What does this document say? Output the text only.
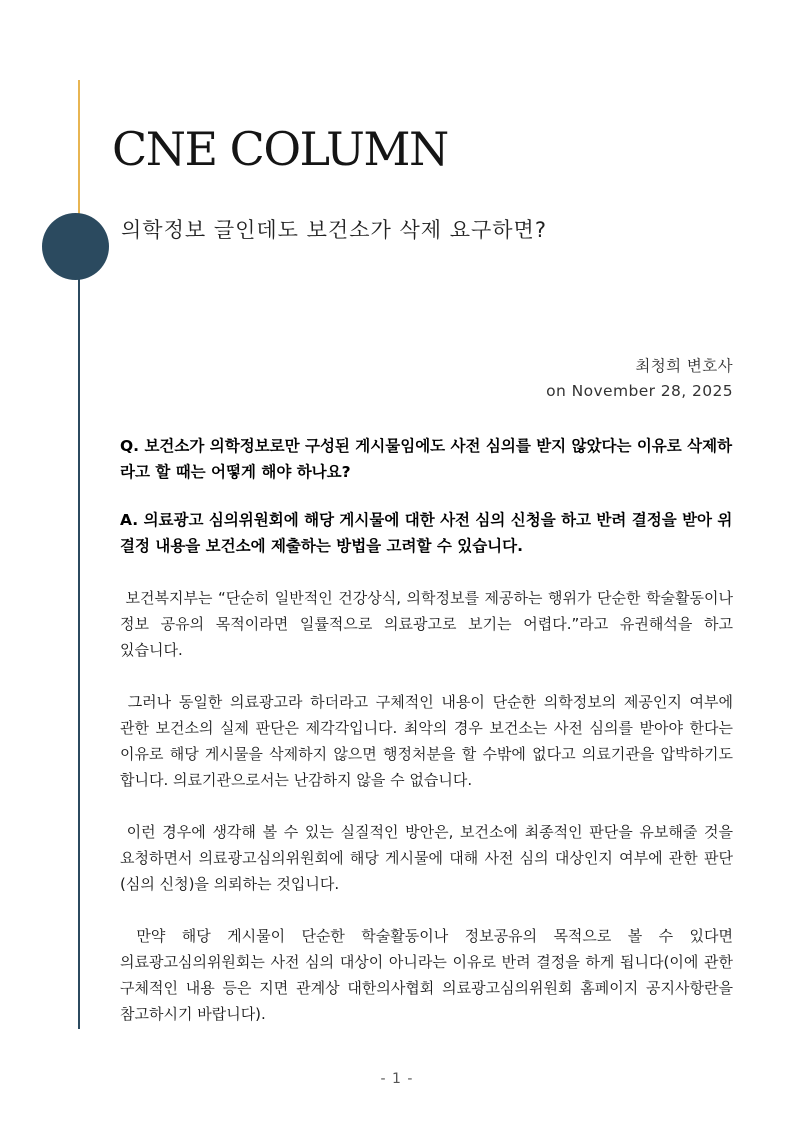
CNE COLUMN
의학정보 글인데도 보건소가 삭제 요구하면?
최청희 변호사
on November 28, 2025

Q. 보건소가 의학정보로만 구성된 게시물임에도 사전 심의를 받지 않았다는 이유로 삭제하라고 할 때는 어떻게 해야 하나요?

A. 의료광고 심의위원회에 해당 게시물에 대한 사전 심의 신청을 하고 반려 결정을 받아 위 결정 내용을 보건소에 제출하는 방법을 고려할 수 있습니다.

보건복지부는 “단순히 일반적인 건강상식, 의학정보를 제공하는 행위가 단순한 학술활동이나 정보 공유의 목적이라면 일률적으로 의료광고로 보기는 어렵다.”라고 유권해석을 하고 있습니다.

그러나 동일한 의료광고라 하더라고 구체적인 내용이 단순한 의학정보의 제공인지 여부에 관한 보건소의 실제 판단은 제각각입니다. 최악의 경우 보건소는 사전 심의를 받아야 한다는 이유로 해당 게시물을 삭제하지 않으면 행정처분을 할 수밖에 없다고 의료기관을 압박하기도 합니다. 의료기관으로서는 난감하지 않을 수 없습니다.

이런 경우에 생각해 볼 수 있는 실질적인 방안은, 보건소에 최종적인 판단을 유보해줄 것을 요청하면서 의료광고심의위원회에 해당 게시물에 대해 사전 심의 대상인지 여부에 관한 판단(심의 신청)을 의뢰하는 것입니다.

만약 해당 게시물이 단순한 학술활동이나 정보공유의 목적으로 볼 수 있다면 의료광고심의위원회는 사전 심의 대상이 아니라는 이유로 반려 결정을 하게 됩니다(이에 관한 구체적인 내용 등은 지면 관계상 대한의사협회 의료광고심의위원회 홈페이지 공지사항란을 참고하시기 바랍니다).

- 1 -
